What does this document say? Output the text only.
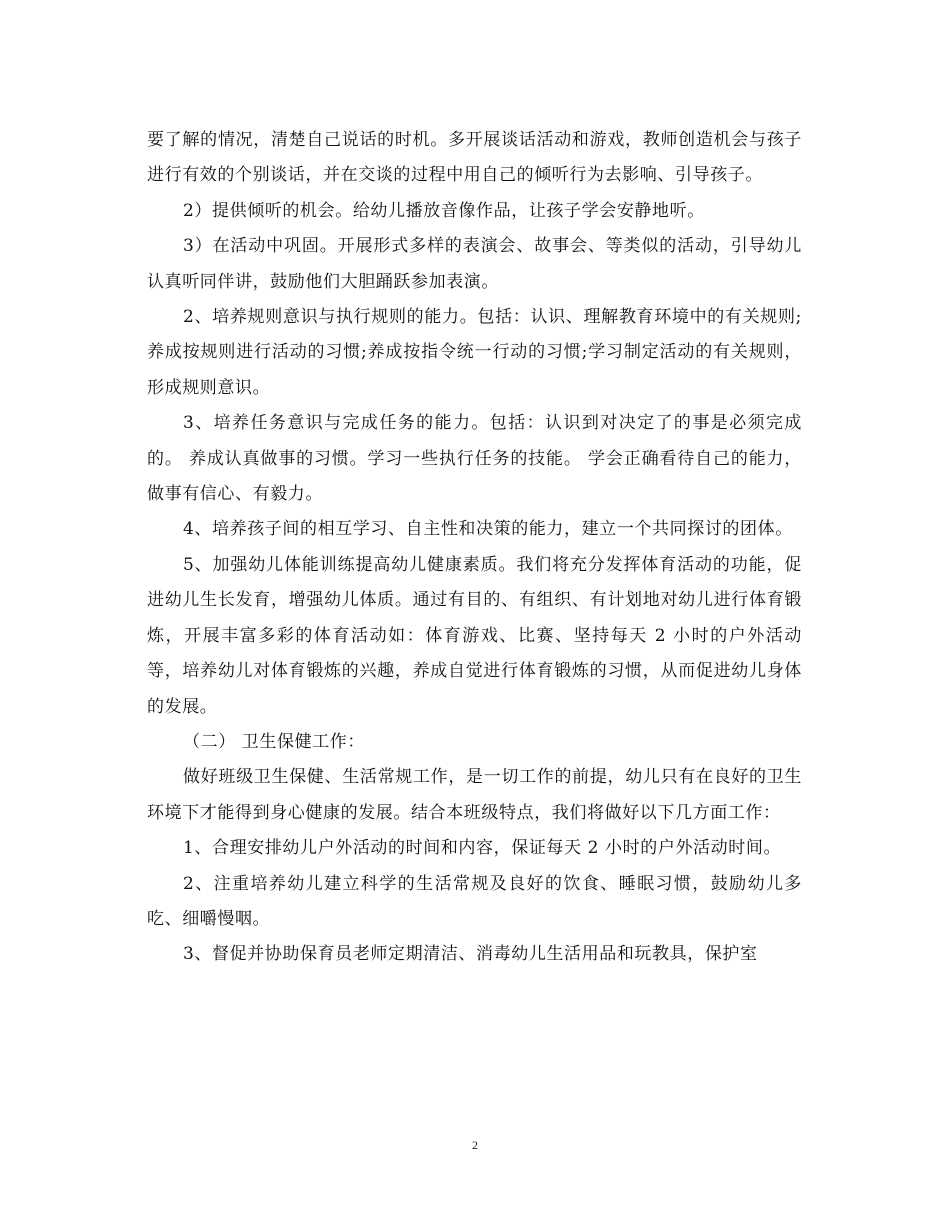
要了解的情况，清楚自己说话的时机。多开展谈话活动和游戏，教师创造机会与孩子进行有效的个别谈话，并在交谈的过程中用自己的倾听行为去影响、引导孩子。

2）提供倾听的机会。给幼儿播放音像作品，让孩子学会安静地听。

3）在活动中巩固。开展形式多样的表演会、故事会、等类似的活动，引导幼儿认真听同伴讲，鼓励他们大胆踊跃参加表演。

2、培养规则意识与执行规则的能力。包括：认识、理解教育环境中的有关规则;养成按规则进行活动的习惯;养成按指令统一行动的习惯;学习制定活动的有关规则，形成规则意识。

3、培养任务意识与完成任务的能力。包括：认识到对决定了的事是必须完成的。 养成认真做事的习惯。学习一些执行任务的技能。 学会正确看待自己的能力，做事有信心、有毅力。

4、培养孩子间的相互学习、自主性和决策的能力，建立一个共同探讨的团体。

5、加强幼儿体能训练提高幼儿健康素质。我们将充分发挥体育活动的功能，促进幼儿生长发育，增强幼儿体质。通过有目的、有组织、有计划地对幼儿进行体育锻炼，开展丰富多彩的体育活动如：体育游戏、比赛、坚持每天 2 小时的户外活动等，培养幼儿对体育锻炼的兴趣，养成自觉进行体育锻炼的习惯，从而促进幼儿身体的发展。

（二） 卫生保健工作：

做好班级卫生保健、生活常规工作，是一切工作的前提，幼儿只有在良好的卫生环境下才能得到身心健康的发展。结合本班级特点，我们将做好以下几方面工作：

1、合理安排幼儿户外活动的时间和内容，保证每天 2 小时的户外活动时间。

2、注重培养幼儿建立科学的生活常规及良好的饮食、睡眠习惯，鼓励幼儿多吃、细嚼慢咽。

3、督促并协助保育员老师定期清洁、消毒幼儿生活用品和玩教具，保护室

2
